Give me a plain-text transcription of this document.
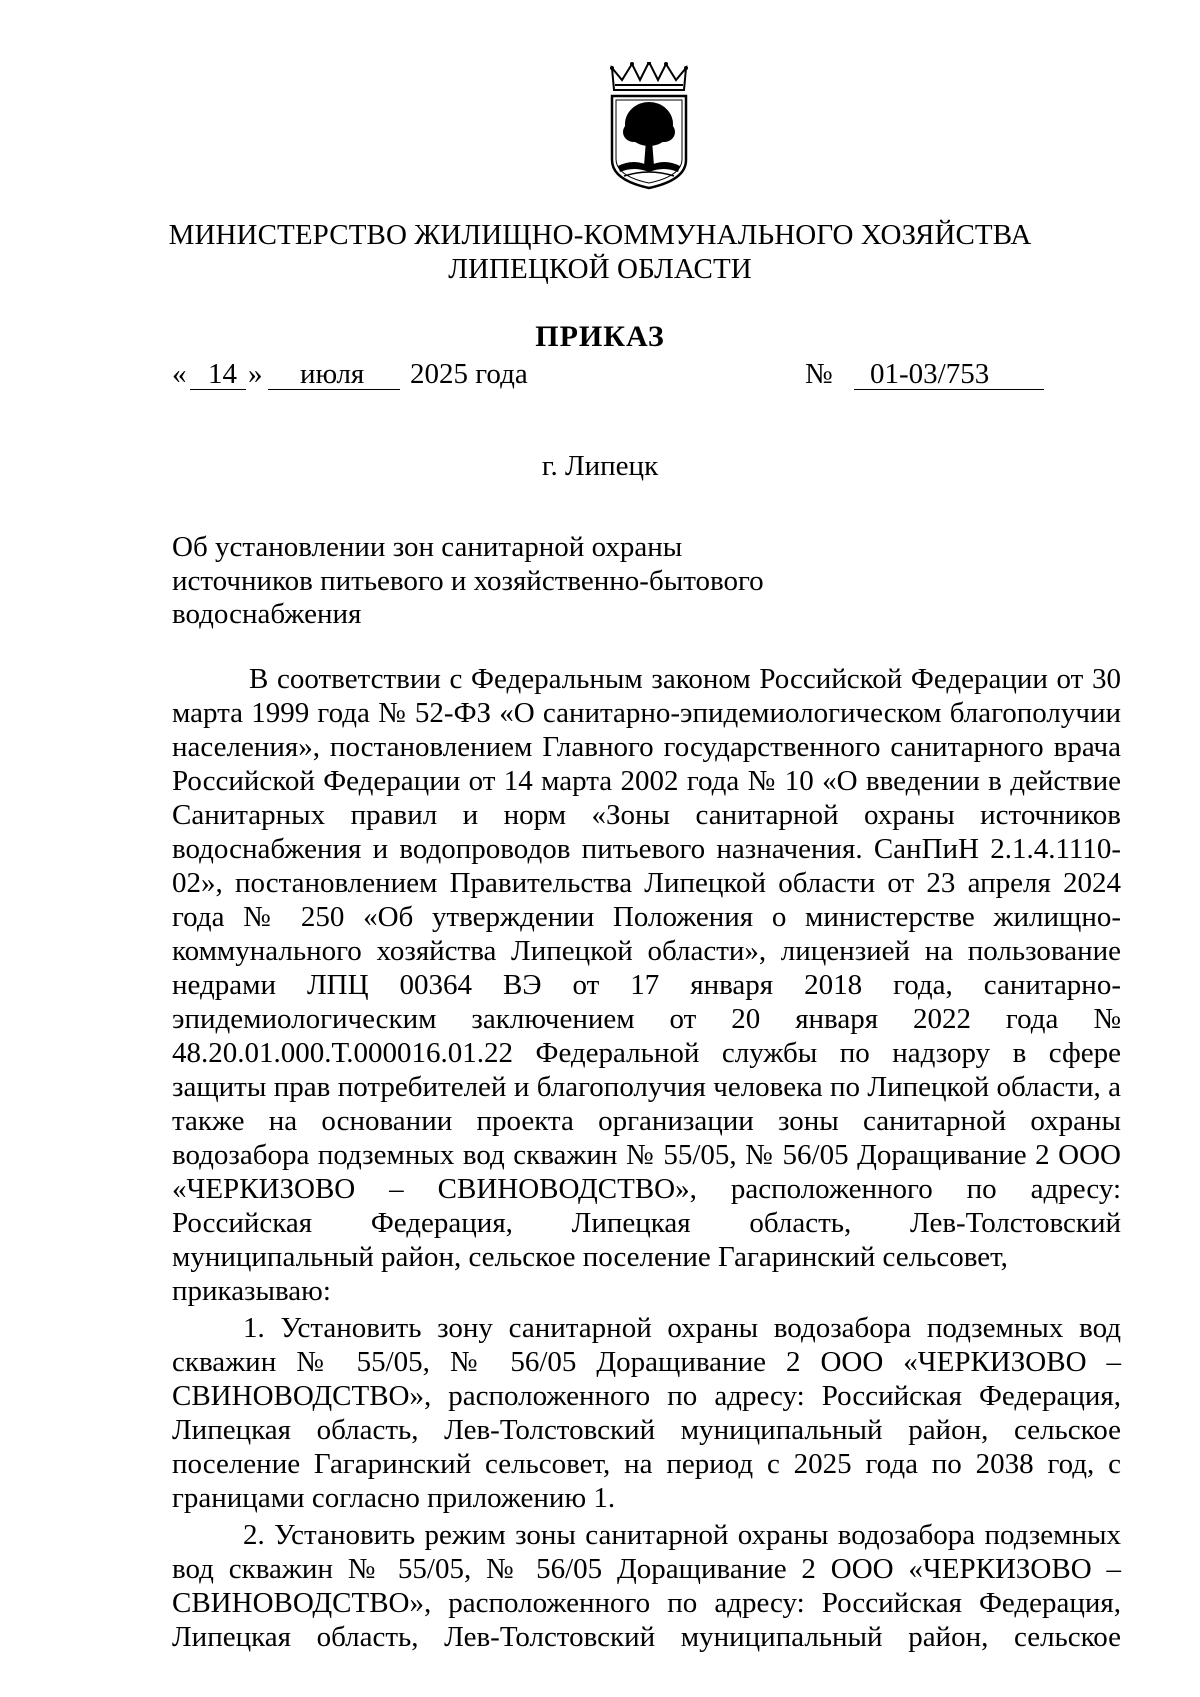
МИНИСТЕРСТВО ЖИЛИЩНО-КОММУНАЛЬНОГО ХОЗЯЙСТВА
ЛИПЕЦКОЙ ОБЛАСТИ
ПРИКАЗ
« 14 » июля 2025 года	№ 01-03/753
г. Липецк
Об установлении зон санитарной охраны источников питьевого и хозяйственно-бытового водоснабжения

В соответствии с Федеральным законом Российской Федерации от 30 марта 1999 года № 52-ФЗ «О санитарно-эпидемиологическом благополучии населения», постановлением Главного государственного санитарного врача Российской Федерации от 14 марта 2002 года № 10 «О введении в действие Санитарных правил и норм «Зоны санитарной охраны источников водоснабжения и водопроводов питьевого назначения. СанПиН 2.1.4.1110-02», постановлением Правительства Липецкой области от 23 апреля 2024 года № 250 «Об утверждении Положения о министерстве жилищно-коммунального хозяйства Липецкой области», лицензией на пользование недрами ЛПЦ 00364 ВЭ от 17 января 2018 года, санитарно-эпидемиологическим заключением от 20 января 2022 года № 48.20.01.000.Т.000016.01.22 Федеральной службы по надзору в сфере защиты прав потребителей и благополучия человека по Липецкой области, а также на основании проекта организации зоны санитарной охраны водозабора подземных вод скважин № 55/05, № 56/05 Доращивание 2 ООО «ЧЕРКИЗОВО – СВИНОВОДСТВО», расположенного по адресу: Российская Федерация, Липецкая область, Лев-Толстовский муниципальный район, сельское поселение Гагаринский сельсовет,

приказываю:

1. Установить зону санитарной охраны водозабора подземных вод скважин № 55/05, № 56/05 Доращивание 2 ООО «ЧЕРКИЗОВО – СВИНОВОДСТВО», расположенного по адресу: Российская Федерация, Липецкая область, Лев-Толстовский муниципальный район, сельское поселение Гагаринский сельсовет, на период с 2025 года по 2038 год, с границами согласно приложению 1.

2. Установить режим зоны санитарной охраны водозабора подземных вод скважин № 55/05, № 56/05 Доращивание 2 ООО «ЧЕРКИЗОВО – СВИНОВОДСТВО», расположенного по адресу: Российская Федерация, Липецкая область, Лев-Толстовский муниципальный район, сельское
